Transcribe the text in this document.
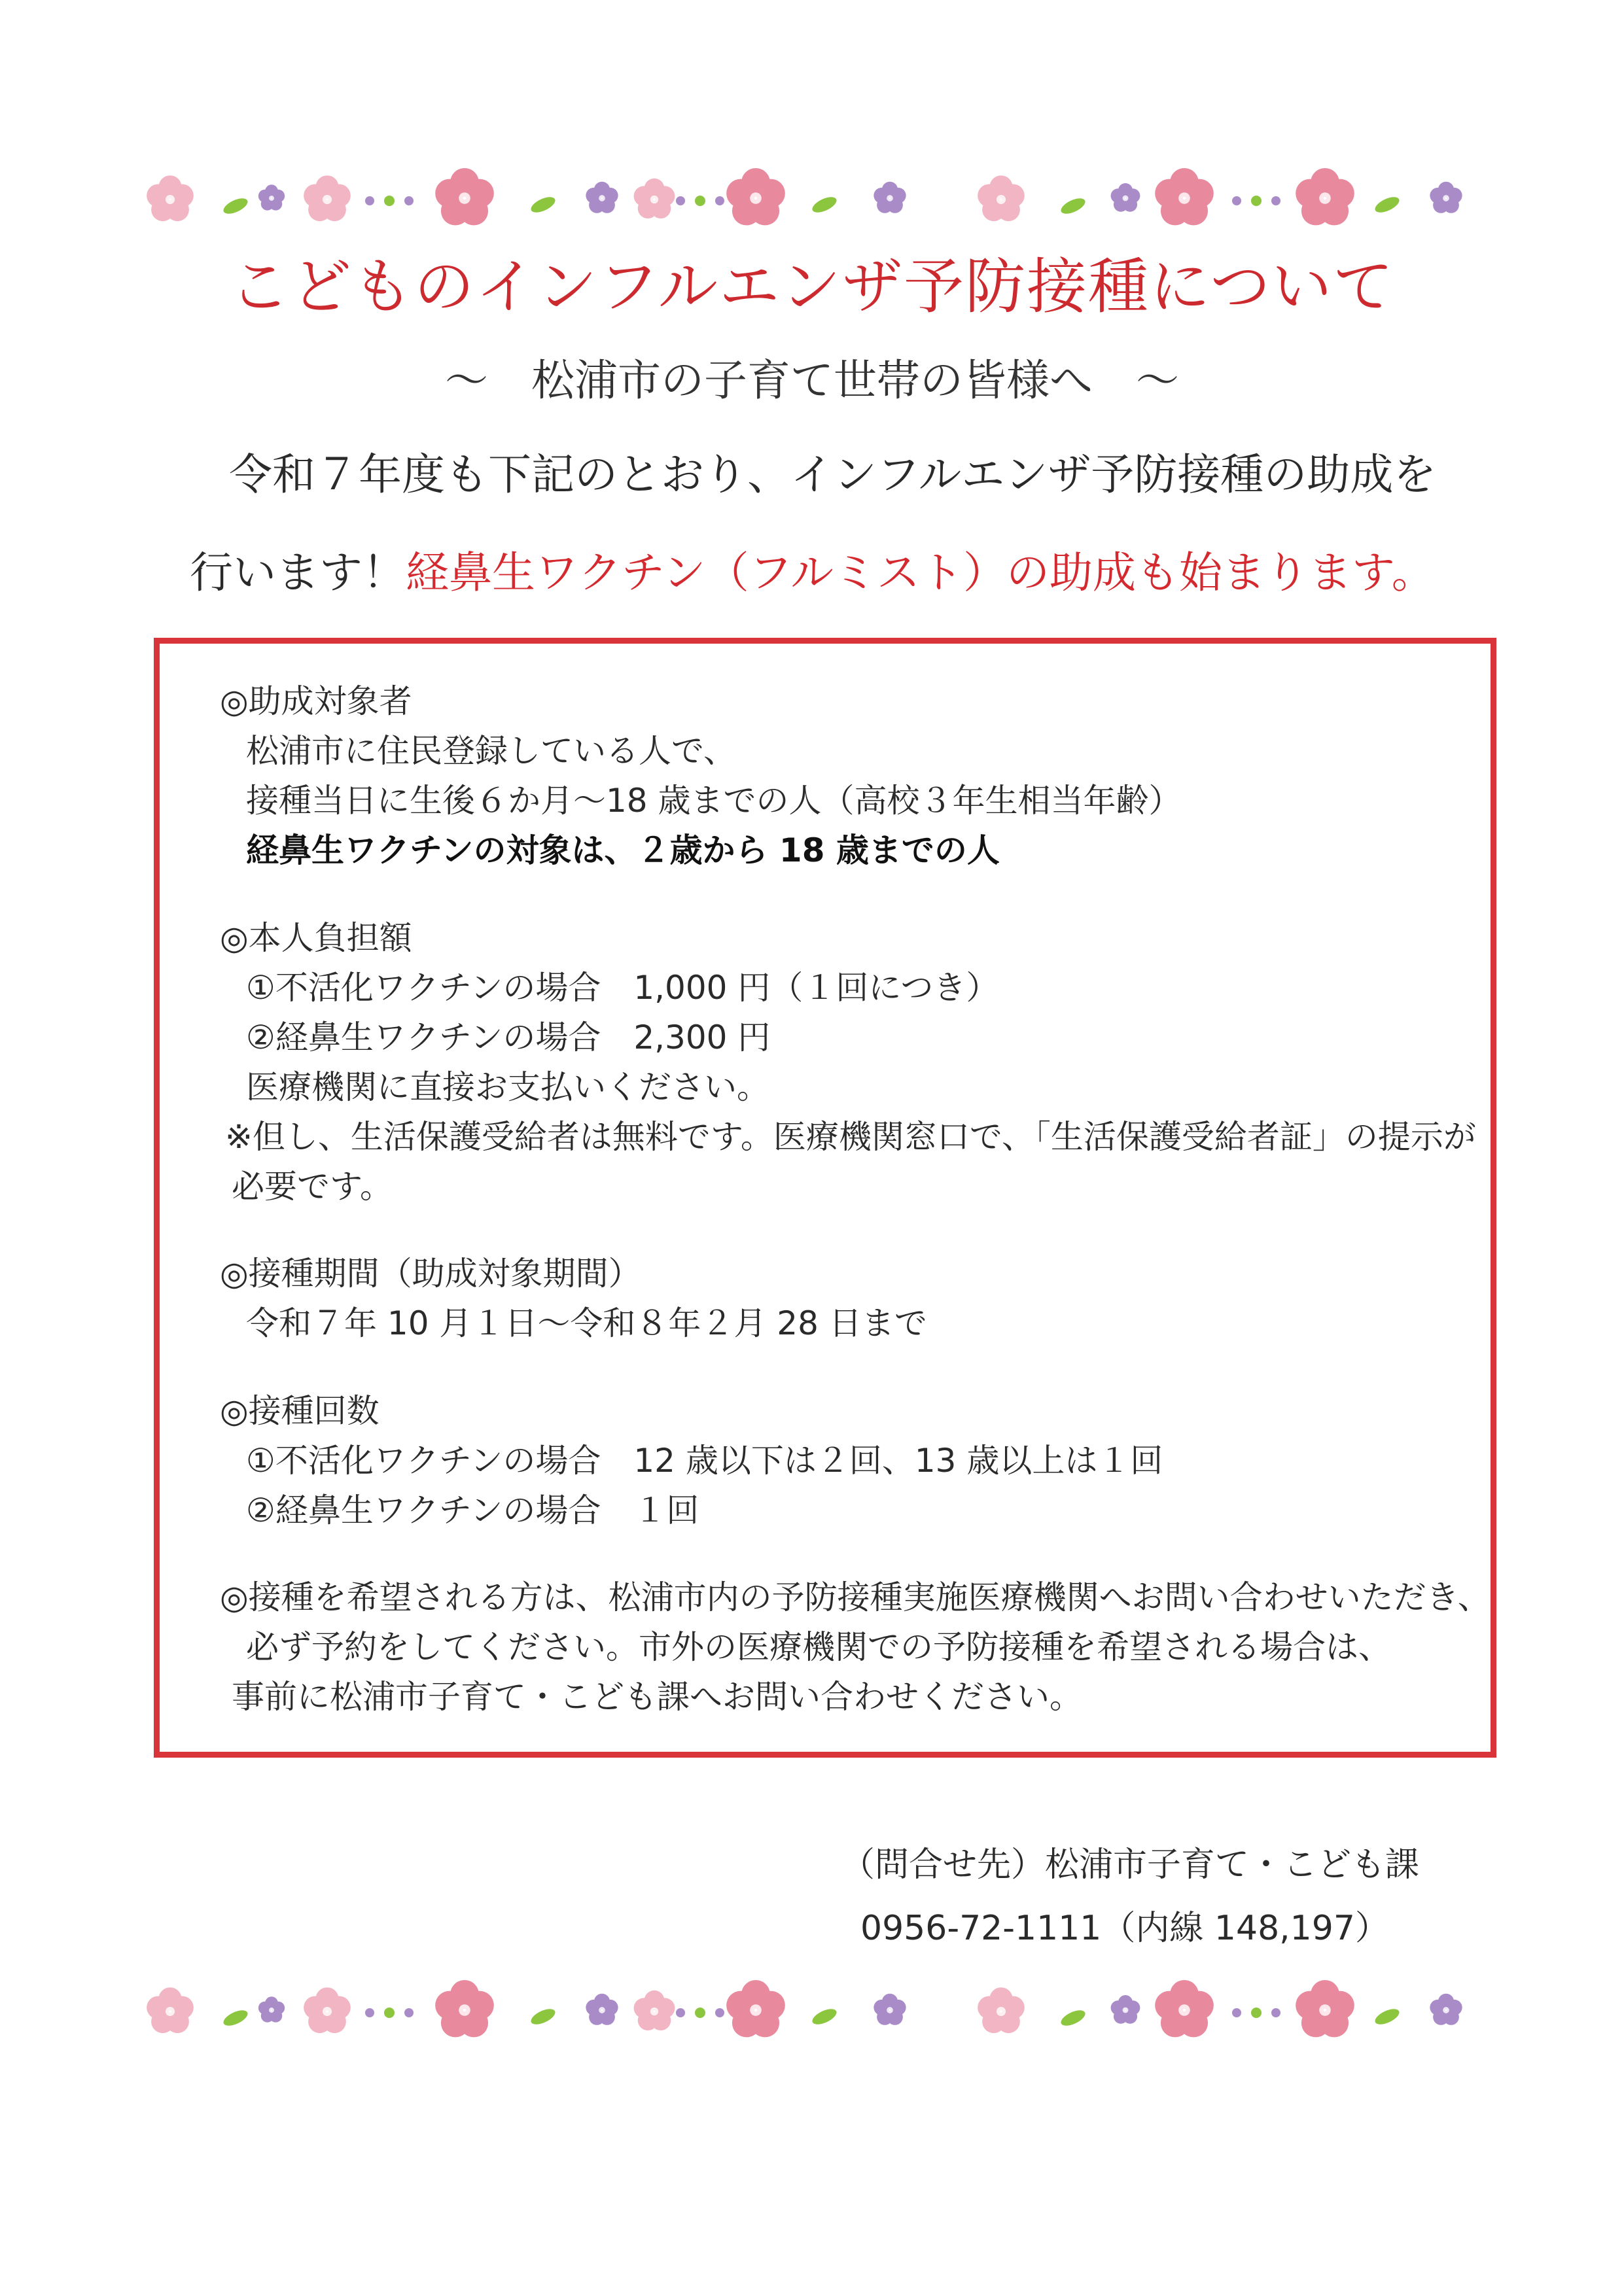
こどものインフルエンザ予防接種について
～　松浦市の子育て世帯の皆様へ　～
令和７年度も下記のとおり、インフルエンザ予防接種の助成を
行います！経鼻生ワクチン（フルミスト）の助成も始まります。
◎助成対象者
松浦市に住民登録している人で、
接種当日に生後６か月～18 歳までの人（高校３年生相当年齢）
経鼻生ワクチンの対象は、２歳から 18 歳までの人
◎本人負担額
①不活化ワクチンの場合　1,000 円（１回につき）
②経鼻生ワクチンの場合　2,300 円
医療機関に直接お支払いください。
※但し、生活保護受給者は無料です。医療機関窓口で、「生活保護受給者証」の提示が
必要です。
◎接種期間（助成対象期間）
令和７年 10 月１日～令和８年２月 28 日まで
◎接種回数
①不活化ワクチンの場合　12 歳以下は２回、13 歳以上は１回
②経鼻生ワクチンの場合　１回
◎接種を希望される方は、松浦市内の予防接種実施医療機関へお問い合わせいただき、
必ず予約をしてください。市外の医療機関での予防接種を希望される場合は、
事前に松浦市子育て・こども課へお問い合わせください。
（問合せ先）松浦市子育て・こども課
0956-72-1111（内線 148,197）
